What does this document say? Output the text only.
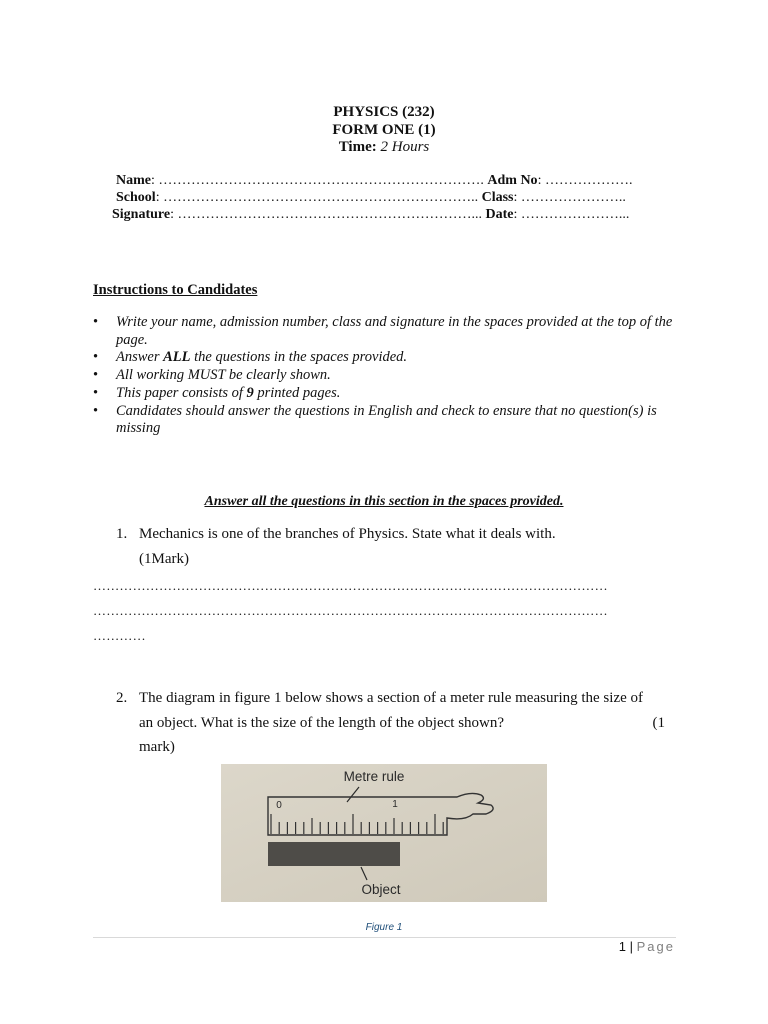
PHYSICS (232)
FORM ONE (1)
Time: 2 Hours
Name: ……………………………………………………………. Adm No: ……………….
School: ………………………………………………………….. Class: …………………..
Signature: ………………………………………………………... Date: …………………...
Instructions to Candidates
• Write your name, admission number, class and signature in the spaces provided at the top of the page.
• Answer ALL the questions in the spaces provided.
• All working MUST be clearly shown.
• This paper consists of 9 printed pages.
• Candidates should answer the questions in English and check to ensure that no question(s) is missing
Answer all the questions in this section in the spaces provided.
1. Mechanics is one of the branches of Physics. State what it deals with.
(1Mark)
………………………………………………………………………………………………………
………………………………………………………………………………………………………
…………
2. The diagram in figure 1 below shows a section of a meter rule measuring the size of
an object. What is the size of the length of the object shown?	(1
mark)
Metre rule
0	1
Object
Figure 1
1 | Page
